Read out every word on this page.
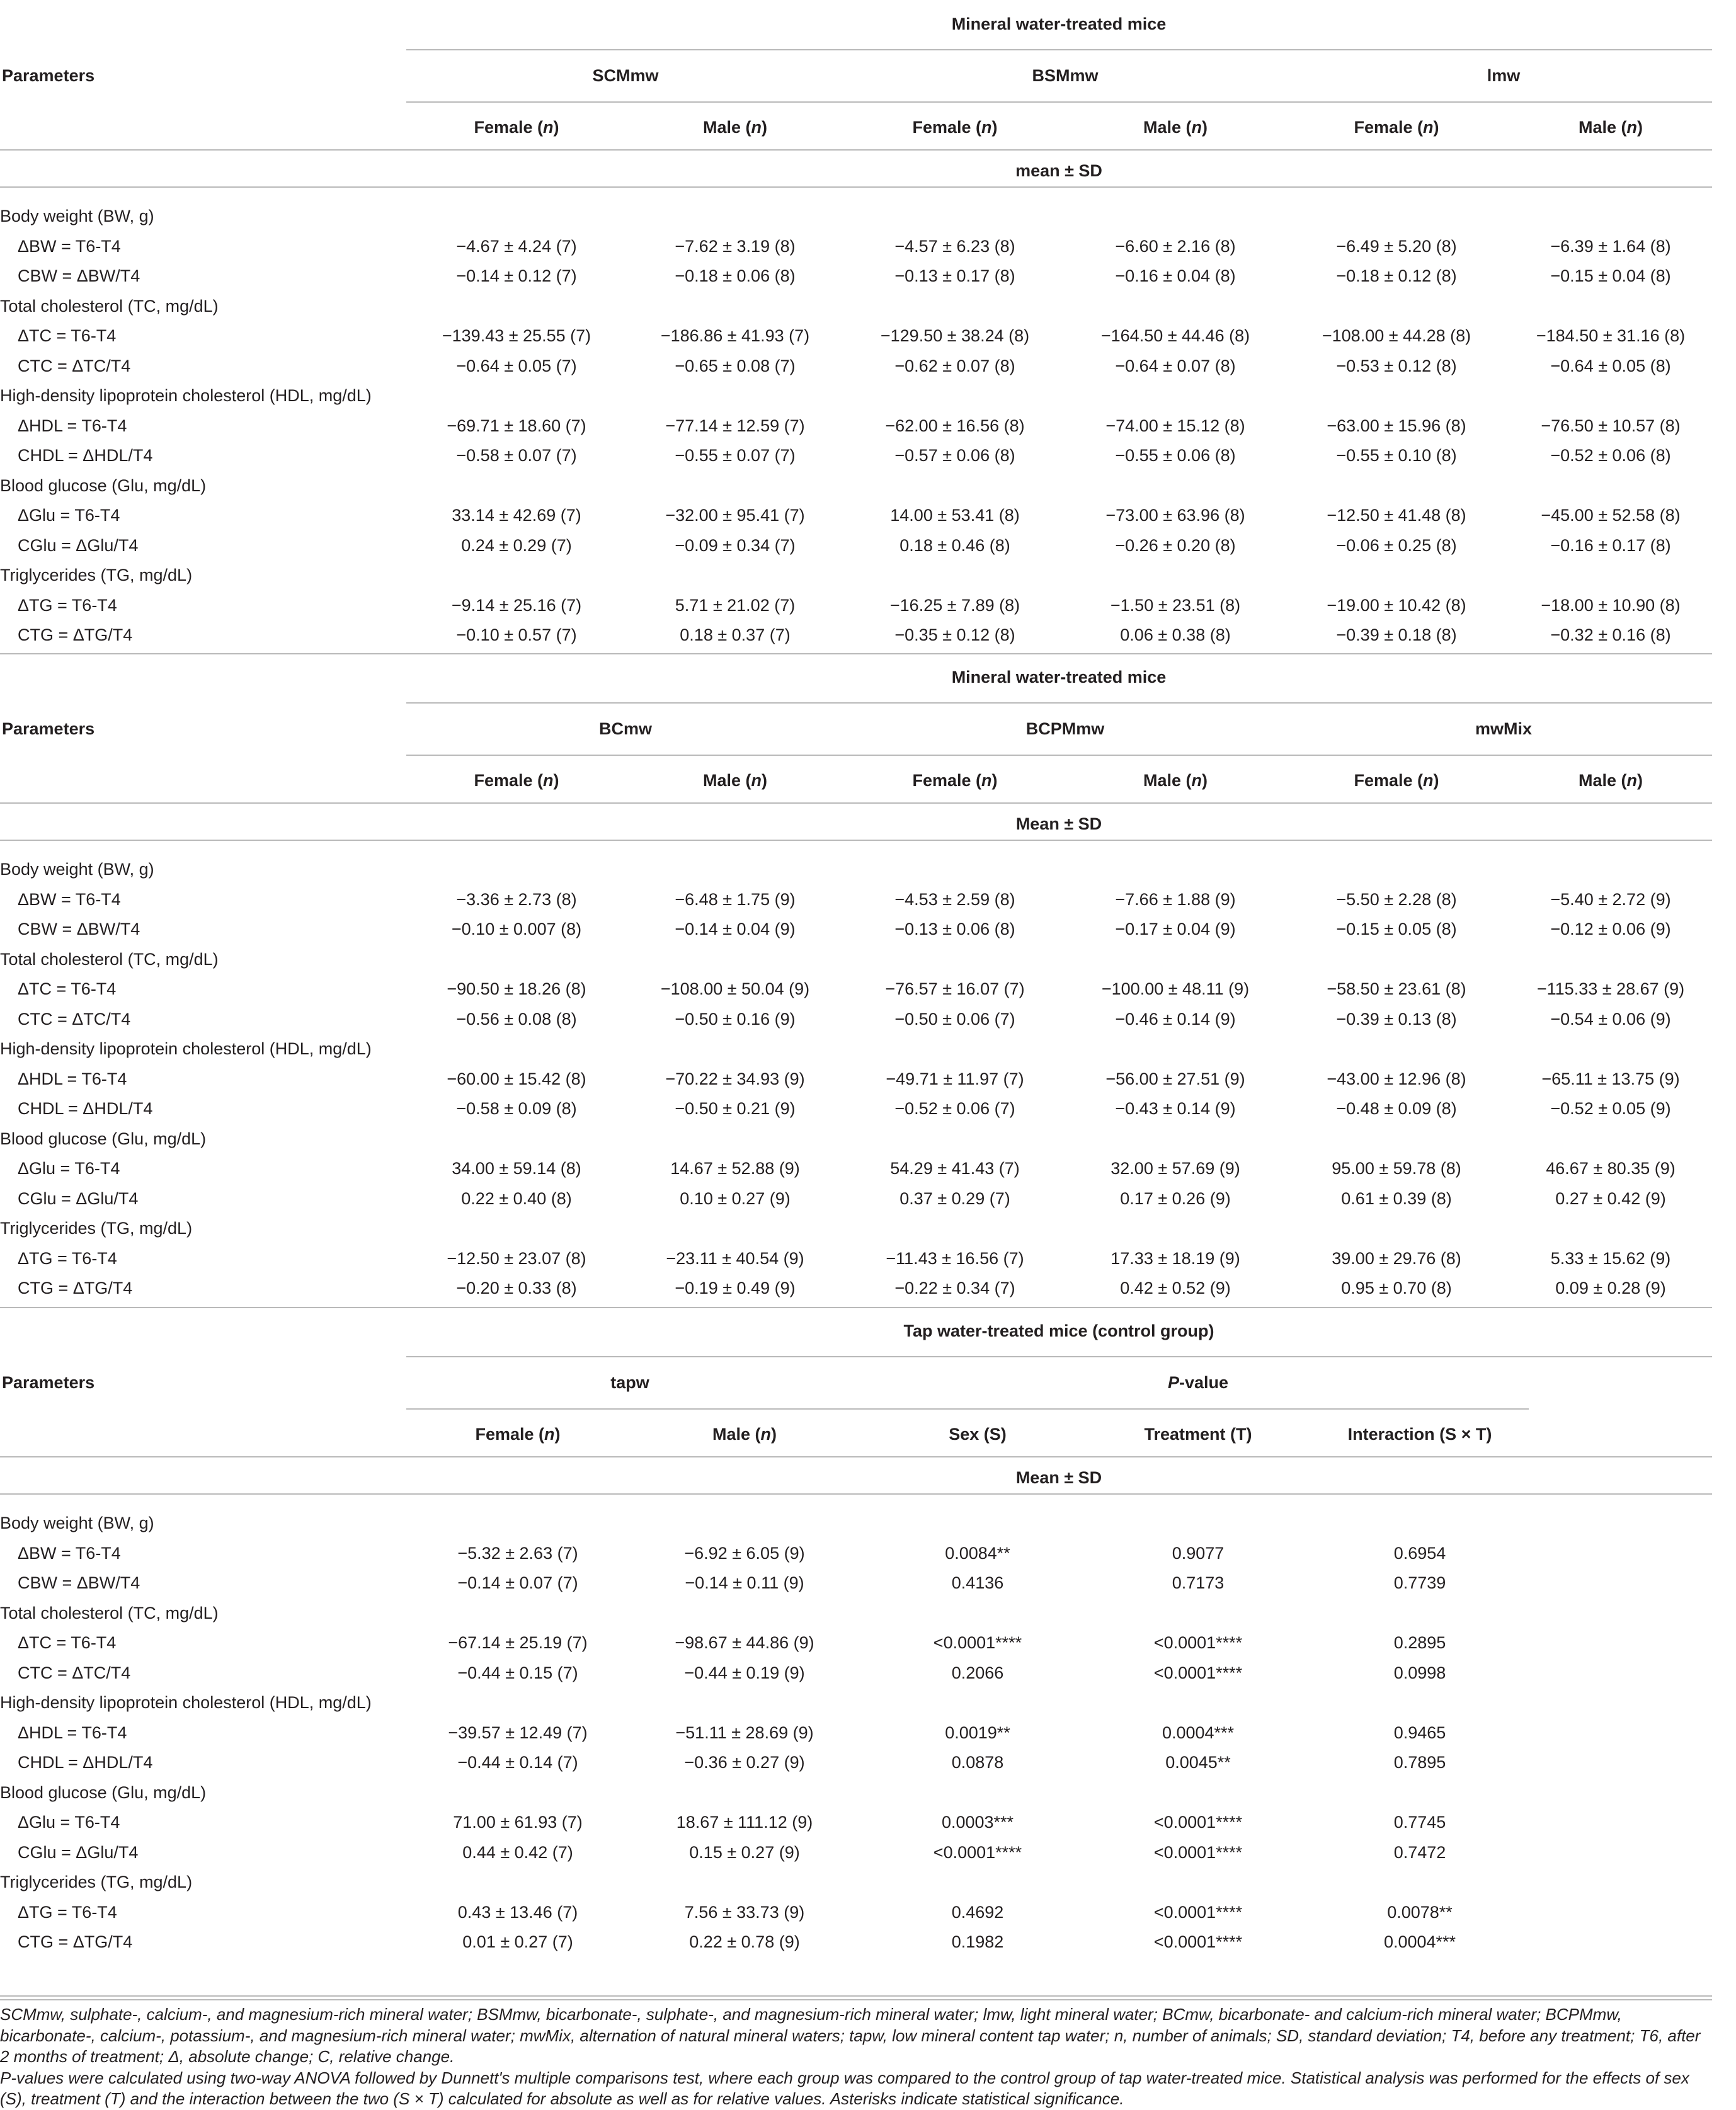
Mineral water-treated mice
Parameters	SCMmw	BSMmw	lmw
Female (n)	Male (n)	Female (n)	Male (n)	Female (n)	Male (n)
mean ± SD
Body weight (BW, g)
ΔBW = T6-T4	−4.67 ± 4.24 (7)	−7.62 ± 3.19 (8)	−4.57 ± 6.23 (8)	−6.60 ± 2.16 (8)	−6.49 ± 5.20 (8)	−6.39 ± 1.64 (8)
CBW = ΔBW/T4	−0.14 ± 0.12 (7)	−0.18 ± 0.06 (8)	−0.13 ± 0.17 (8)	−0.16 ± 0.04 (8)	−0.18 ± 0.12 (8)	−0.15 ± 0.04 (8)
Total cholesterol (TC, mg/dL)
ΔTC = T6-T4	−139.43 ± 25.55 (7)	−186.86 ± 41.93 (7)	−129.50 ± 38.24 (8)	−164.50 ± 44.46 (8)	−108.00 ± 44.28 (8)	−184.50 ± 31.16 (8)
CTC = ΔTC/T4	−0.64 ± 0.05 (7)	−0.65 ± 0.08 (7)	−0.62 ± 0.07 (8)	−0.64 ± 0.07 (8)	−0.53 ± 0.12 (8)	−0.64 ± 0.05 (8)
High-density lipoprotein cholesterol (HDL, mg/dL)
ΔHDL = T6-T4	−69.71 ± 18.60 (7)	−77.14 ± 12.59 (7)	−62.00 ± 16.56 (8)	−74.00 ± 15.12 (8)	−63.00 ± 15.96 (8)	−76.50 ± 10.57 (8)
CHDL = ΔHDL/T4	−0.58 ± 0.07 (7)	−0.55 ± 0.07 (7)	−0.57 ± 0.06 (8)	−0.55 ± 0.06 (8)	−0.55 ± 0.10 (8)	−0.52 ± 0.06 (8)
Blood glucose (Glu, mg/dL)
ΔGlu = T6-T4	33.14 ± 42.69 (7)	−32.00 ± 95.41 (7)	14.00 ± 53.41 (8)	−73.00 ± 63.96 (8)	−12.50 ± 41.48 (8)	−45.00 ± 52.58 (8)
CGlu = ΔGlu/T4	0.24 ± 0.29 (7)	−0.09 ± 0.34 (7)	0.18 ± 0.46 (8)	−0.26 ± 0.20 (8)	−0.06 ± 0.25 (8)	−0.16 ± 0.17 (8)
Triglycerides (TG, mg/dL)
ΔTG = T6-T4	−9.14 ± 25.16 (7)	5.71 ± 21.02 (7)	−16.25 ± 7.89 (8)	−1.50 ± 23.51 (8)	−19.00 ± 10.42 (8)	−18.00 ± 10.90 (8)
CTG = ΔTG/T4	−0.10 ± 0.57 (7)	0.18 ± 0.37 (7)	−0.35 ± 0.12 (8)	0.06 ± 0.38 (8)	−0.39 ± 0.18 (8)	−0.32 ± 0.16 (8)
Mineral water-treated mice
Parameters	BCmw	BCPMmw	mwMix
Female (n)	Male (n)	Female (n)	Male (n)	Female (n)	Male (n)
Mean ± SD
Body weight (BW, g)
ΔBW = T6-T4	−3.36 ± 2.73 (8)	−6.48 ± 1.75 (9)	−4.53 ± 2.59 (8)	−7.66 ± 1.88 (9)	−5.50 ± 2.28 (8)	−5.40 ± 2.72 (9)
CBW = ΔBW/T4	−0.10 ± 0.007 (8)	−0.14 ± 0.04 (9)	−0.13 ± 0.06 (8)	−0.17 ± 0.04 (9)	−0.15 ± 0.05 (8)	−0.12 ± 0.06 (9)
Total cholesterol (TC, mg/dL)
ΔTC = T6-T4	−90.50 ± 18.26 (8)	−108.00 ± 50.04 (9)	−76.57 ± 16.07 (7)	−100.00 ± 48.11 (9)	−58.50 ± 23.61 (8)	−115.33 ± 28.67 (9)
CTC = ΔTC/T4	−0.56 ± 0.08 (8)	−0.50 ± 0.16 (9)	−0.50 ± 0.06 (7)	−0.46 ± 0.14 (9)	−0.39 ± 0.13 (8)	−0.54 ± 0.06 (9)
High-density lipoprotein cholesterol (HDL, mg/dL)
ΔHDL = T6-T4	−60.00 ± 15.42 (8)	−70.22 ± 34.93 (9)	−49.71 ± 11.97 (7)	−56.00 ± 27.51 (9)	−43.00 ± 12.96 (8)	−65.11 ± 13.75 (9)
CHDL = ΔHDL/T4	−0.58 ± 0.09 (8)	−0.50 ± 0.21 (9)	−0.52 ± 0.06 (7)	−0.43 ± 0.14 (9)	−0.48 ± 0.09 (8)	−0.52 ± 0.05 (9)
Blood glucose (Glu, mg/dL)
ΔGlu = T6-T4	34.00 ± 59.14 (8)	14.67 ± 52.88 (9)	54.29 ± 41.43 (7)	32.00 ± 57.69 (9)	95.00 ± 59.78 (8)	46.67 ± 80.35 (9)
CGlu = ΔGlu/T4	0.22 ± 0.40 (8)	0.10 ± 0.27 (9)	0.37 ± 0.29 (7)	0.17 ± 0.26 (9)	0.61 ± 0.39 (8)	0.27 ± 0.42 (9)
Triglycerides (TG, mg/dL)
ΔTG = T6-T4	−12.50 ± 23.07 (8)	−23.11 ± 40.54 (9)	−11.43 ± 16.56 (7)	17.33 ± 18.19 (9)	39.00 ± 29.76 (8)	5.33 ± 15.62 (9)
CTG = ΔTG/T4	−0.20 ± 0.33 (8)	−0.19 ± 0.49 (9)	−0.22 ± 0.34 (7)	0.42 ± 0.52 (9)	0.95 ± 0.70 (8)	0.09 ± 0.28 (9)
Tap water-treated mice (control group)
Parameters	tapw	P-value
Female (n)	Male (n)	Sex (S)	Treatment (T)	Interaction (S × T)
Mean ± SD
Body weight (BW, g)
ΔBW = T6-T4	−5.32 ± 2.63 (7)	−6.92 ± 6.05 (9)	0.0084**	0.9077	0.6954
CBW = ΔBW/T4	−0.14 ± 0.07 (7)	−0.14 ± 0.11 (9)	0.4136	0.7173	0.7739
Total cholesterol (TC, mg/dL)
ΔTC = T6-T4	−67.14 ± 25.19 (7)	−98.67 ± 44.86 (9)	<0.0001****	<0.0001****	0.2895
CTC = ΔTC/T4	−0.44 ± 0.15 (7)	−0.44 ± 0.19 (9)	0.2066	<0.0001****	0.0998
High-density lipoprotein cholesterol (HDL, mg/dL)
ΔHDL = T6-T4	−39.57 ± 12.49 (7)	−51.11 ± 28.69 (9)	0.0019**	0.0004***	0.9465
CHDL = ΔHDL/T4	−0.44 ± 0.14 (7)	−0.36 ± 0.27 (9)	0.0878	0.0045**	0.7895
Blood glucose (Glu, mg/dL)
ΔGlu = T6-T4	71.00 ± 61.93 (7)	18.67 ± 111.12 (9)	0.0003***	<0.0001****	0.7745
CGlu = ΔGlu/T4	0.44 ± 0.42 (7)	0.15 ± 0.27 (9)	<0.0001****	<0.0001****	0.7472
Triglycerides (TG, mg/dL)
ΔTG = T6-T4	0.43 ± 13.46 (7)	7.56 ± 33.73 (9)	0.4692	<0.0001****	0.0078**
CTG = ΔTG/T4	0.01 ± 0.27 (7)	0.22 ± 0.78 (9)	0.1982	<0.0001****	0.0004***

SCMmw, sulphate-, calcium-, and magnesium-rich mineral water; BSMmw, bicarbonate-, sulphate-, and magnesium-rich mineral water; lmw, light mineral water; BCmw, bicarbonate- and calcium-rich mineral water; BCPMmw, bicarbonate-, calcium-, potassium-, and magnesium-rich mineral water; mwMix, alternation of natural mineral waters; tapw, low mineral content tap water; n, number of animals; SD, standard deviation; T4, before any treatment; T6, after 2 months of treatment; Δ, absolute change; C, relative change.

P-values were calculated using two-way ANOVA followed by Dunnett's multiple comparisons test, where each group was compared to the control group of tap water-treated mice. Statistical analysis was performed for the effects of sex (S), treatment (T) and the interaction between the two (S × T) calculated for absolute as well as for relative values. Asterisks indicate statistical significance.
